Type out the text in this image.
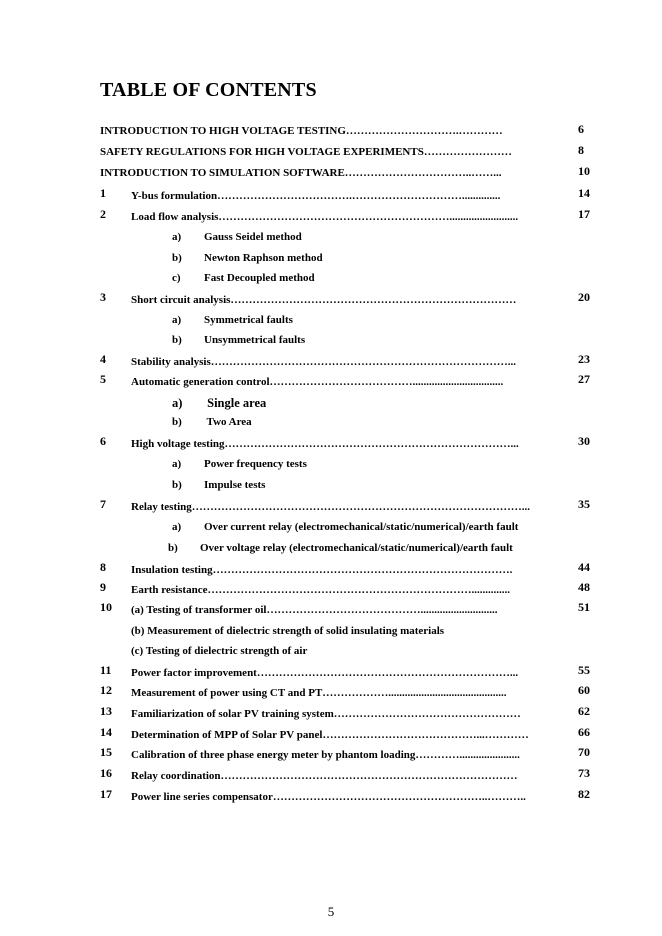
TABLE OF CONTENTS
INTRODUCTION TO HIGH VOLTAGE TESTING………………………….…………	6
SAFETY REGULATIONS FOR HIGH VOLTAGE EXPERIMENTS……………………	8
INTRODUCTION TO SIMULATION SOFTWARE……………………………..……...	10
1 Y-bus formulation……………………………….…………………………..............	14
2 Load flow analysis……………………………………………………….........................	17
a) Gauss Seidel method
b) Newton Raphson method
c) Fast Decoupled method
3 Short circuit analysis……………………………………………………………………	20
a) Symmetrical faults
b) Unsymmetrical faults
4 Stability analysis………………………………………………………………………...	23
5 Automatic generation control………………………………….................................	27
a) Single area
b) Two Area
6 High voltage testing……………………………………………………………………...	30
a) Power frequency tests
b) Impulse tests
7 Relay testing………………………………………………………………………………...	35
a) Over current relay (electromechanical/static/numerical)/earth fault
b) Over voltage relay (electromechanical/static/numerical)/earth fault
8 Insulation testing……………………………………………………………………….	44
9 Earth resistance………………………………………………………………..............	48
10 (a) Testing of transformer oil……………………………………............................	51
(b) Measurement of dielectric strength of solid insulating materials
(c) Testing of dielectric strength of air
11 Power factor improvement……………………………………………………………...	55
12 Measurement of power using CT and PT………………...........................................	60
13 Familiarization of solar PV training system……………………………………………	62
14 Determination of MPP of Solar PV panel……………………………………...…………	66
15 Calibration of three phase energy meter by phantom loading…………......................	70
16 Relay coordination………………………………………………………………………	73
17 Power line series compensator…………………………………………………..………..	82
5
